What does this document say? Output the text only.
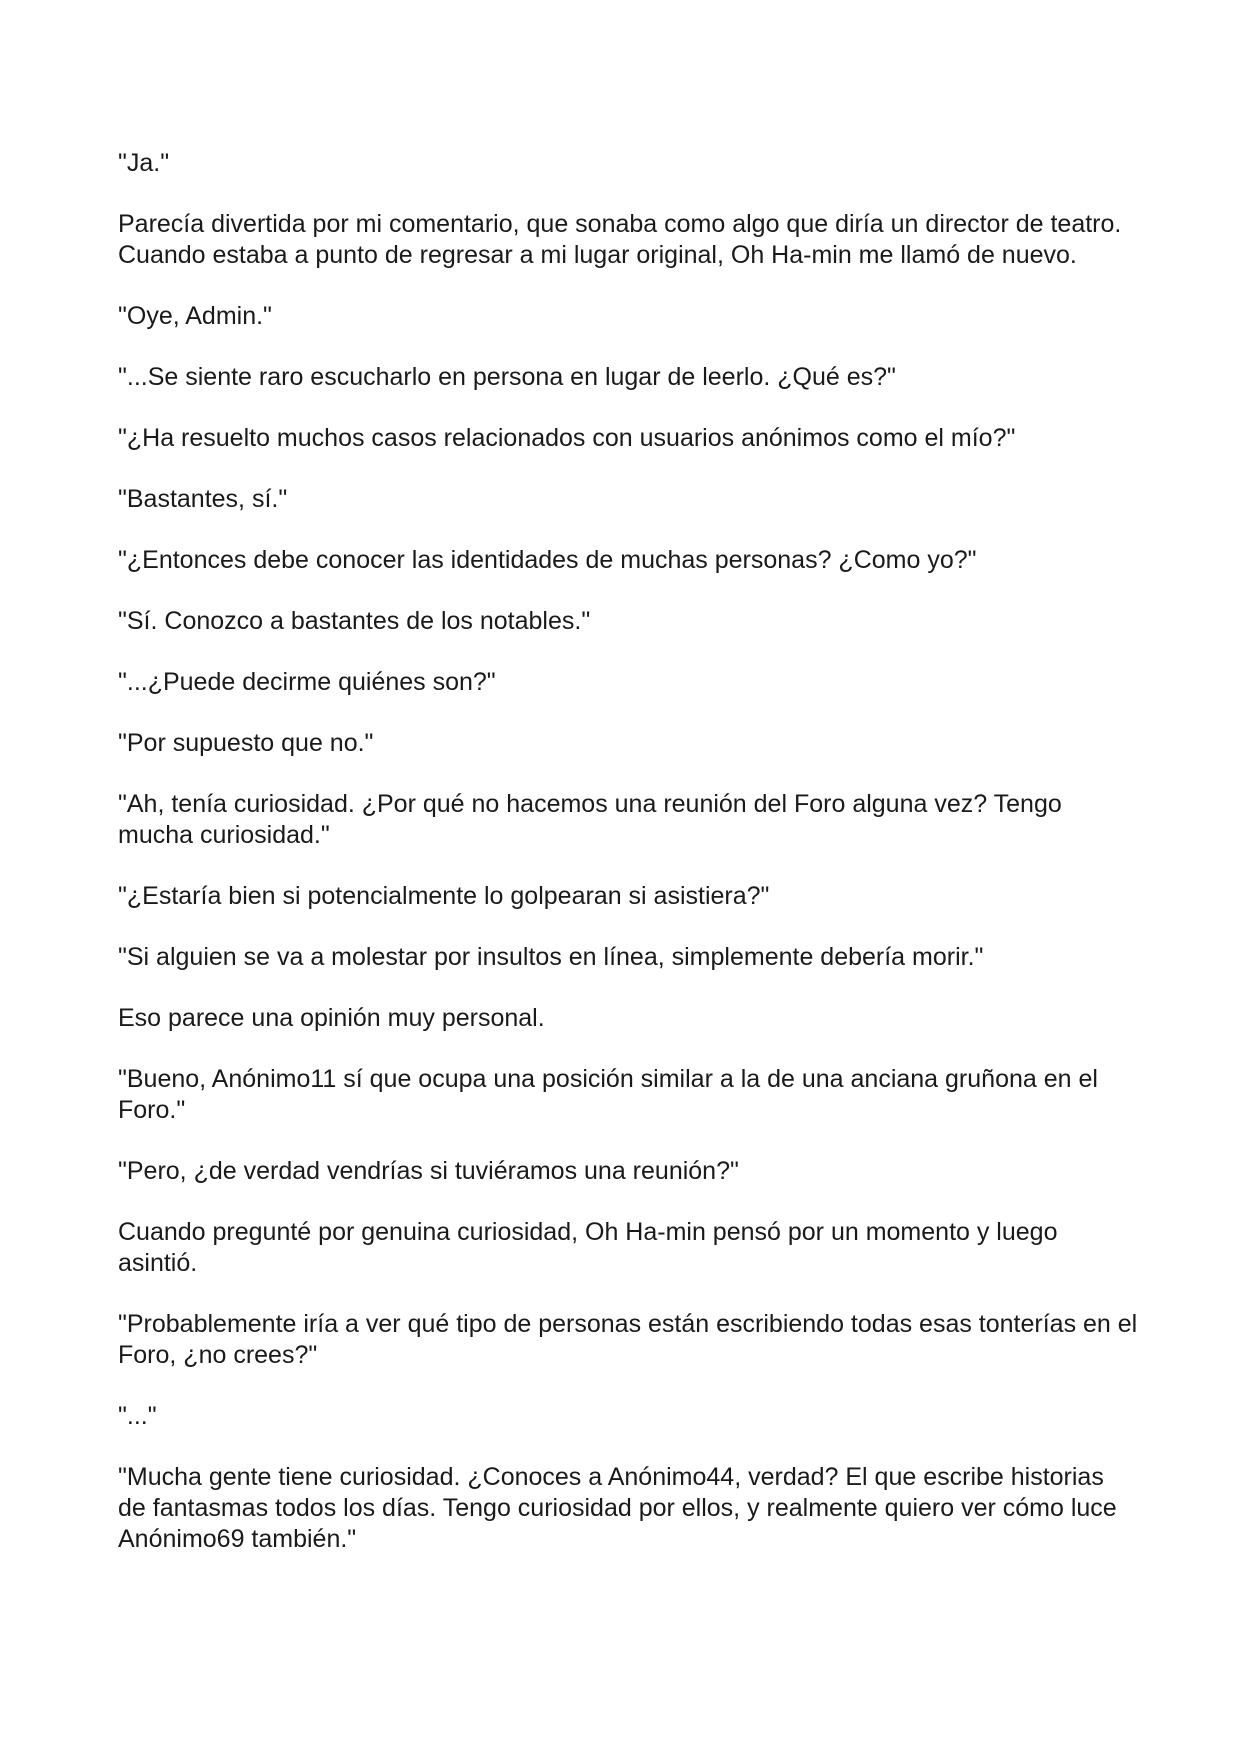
"Ja."

Parecía divertida por mi comentario, que sonaba como algo que diría un director de teatro. Cuando estaba a punto de regresar a mi lugar original, Oh Ha-min me llamó de nuevo.

"Oye, Admin."

"...Se siente raro escucharlo en persona en lugar de leerlo. ¿Qué es?"

"¿Ha resuelto muchos casos relacionados con usuarios anónimos como el mío?"

"Bastantes, sí."

"¿Entonces debe conocer las identidades de muchas personas? ¿Como yo?"

"Sí. Conozco a bastantes de los notables."

"...¿Puede decirme quiénes son?"

"Por supuesto que no."

"Ah, tenía curiosidad. ¿Por qué no hacemos una reunión del Foro alguna vez? Tengo mucha curiosidad."

"¿Estaría bien si potencialmente lo golpearan si asistiera?"

"Si alguien se va a molestar por insultos en línea, simplemente debería morir."

Eso parece una opinión muy personal.

"Bueno, Anónimo11 sí que ocupa una posición similar a la de una anciana gruñona en el Foro."

"Pero, ¿de verdad vendrías si tuviéramos una reunión?"

Cuando pregunté por genuina curiosidad, Oh Ha-min pensó por un momento y luego asintió.

"Probablemente iría a ver qué tipo de personas están escribiendo todas esas tonterías en el Foro, ¿no crees?"

"..."

"Mucha gente tiene curiosidad. ¿Conoces a Anónimo44, verdad? El que escribe historias de fantasmas todos los días. Tengo curiosidad por ellos, y realmente quiero ver cómo luce Anónimo69 también."
